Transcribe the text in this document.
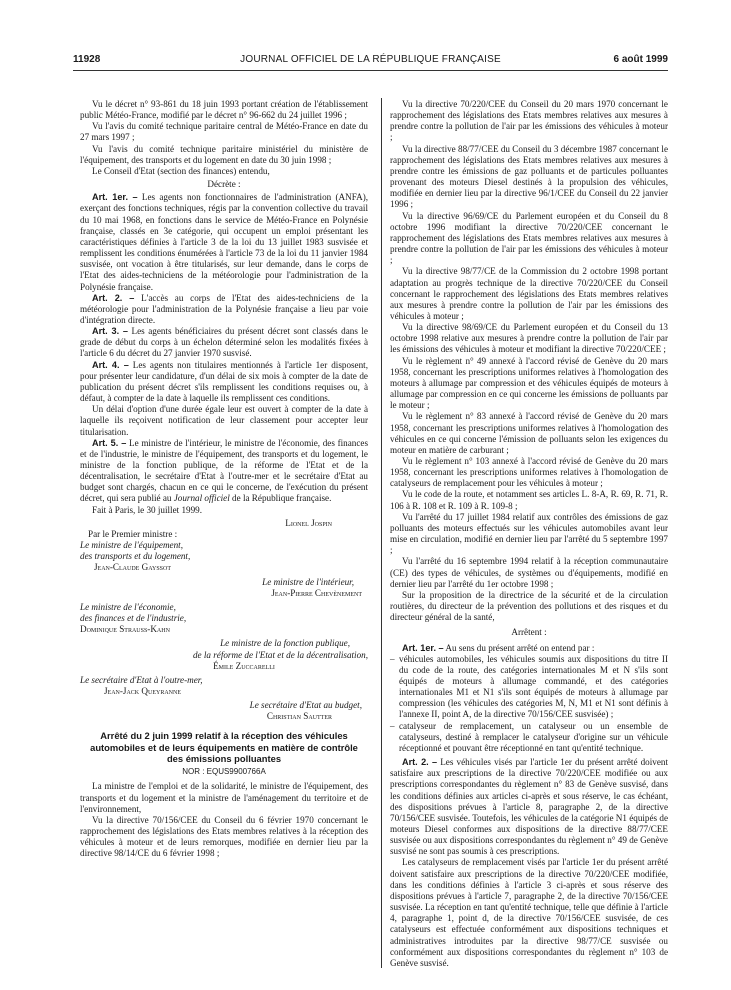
11928	JOURNAL OFFICIEL DE LA RÉPUBLIQUE FRANÇAISE	6 août 1999

Vu le décret n° 93-861 du 18 juin 1993 portant création de l'établissement public Météo-France, modifié par le décret n° 96-662 du 24 juillet 1996 ;

Vu l'avis du comité technique paritaire central de Météo-France en date du 27 mars 1997 ;

Vu l'avis du comité technique paritaire ministériel du ministère de l'équipement, des transports et du logement en date du 30 juin 1998 ;

Le Conseil d'Etat (section des finances) entendu,

Décrète :

Art. 1er. – Les agents non fonctionnaires de l'administration (ANFA), exerçant des fonctions techniques, régis par la convention collective du travail du 10 mai 1968, en fonctions dans le service de Météo-France en Polynésie française, classés en 3e catégorie, qui occupent un emploi présentant les caractéristiques définies à l'article 3 de la loi du 13 juillet 1983 susvisée et remplissent les conditions énumérées à l'article 73 de la loi du 11 janvier 1984 susvisée, ont vocation à être titularisés, sur leur demande, dans le corps de l'Etat des aides-techniciens de la météorologie pour l'administration de la Polynésie française.

Art. 2. – L'accès au corps de l'Etat des aides-techniciens de la météorologie pour l'administration de la Polynésie française a lieu par voie d'intégration directe.

Art. 3. – Les agents bénéficiaires du présent décret sont classés dans le grade de début du corps à un échelon déterminé selon les modalités fixées à l'article 6 du décret du 27 janvier 1970 susvisé.

Art. 4. – Les agents non titulaires mentionnés à l'article 1er disposent, pour présenter leur candidature, d'un délai de six mois à compter de la date de publication du présent décret s'ils remplissent les conditions requises ou, à défaut, à compter de la date à laquelle ils remplissent ces conditions.

Un délai d'option d'une durée égale leur est ouvert à compter de la date à laquelle ils reçoivent notification de leur classement pour accepter leur titularisation.

Art. 5. – Le ministre de l'intérieur, le ministre de l'économie, des finances et de l'industrie, le ministre de l'équipement, des transports et du logement, le ministre de la fonction publique, de la réforme de l'Etat et de la décentralisation, le secrétaire d'Etat à l'outre-mer et le secrétaire d'Etat au budget sont chargés, chacun en ce qui le concerne, de l'exécution du présent décret, qui sera publié au Journal officiel de la République française.

Fait à Paris, le 30 juillet 1999.

Lionel Jospin
Par le Premier ministre :
Le ministre de l'équipement,
des transports et du logement,
Jean-Claude Gayssot
Le ministre de l'intérieur,
Jean-Pierre Chevènement
Le ministre de l'économie,
des finances et de l'industrie,
Dominique Strauss-Kahn
Le ministre de la fonction publique,
de la réforme de l'Etat et de la décentralisation,
Émile Zuccarelli
Le secrétaire d'Etat à l'outre-mer,
Jean-Jack Queyranne
Le secrétaire d'Etat au budget,
Christian Sautter
Arrêté du 2 juin 1999 relatif à la réception des véhicules automobiles et de leurs équipements en matière de contrôle des émissions polluantes
NOR : EQUS9900766A

La ministre de l'emploi et de la solidarité, le ministre de l'équipement, des transports et du logement et la ministre de l'aménagement du territoire et de l'environnement,

Vu la directive 70/156/CEE du Conseil du 6 février 1970 concernant le rapprochement des législations des Etats membres relatives à la réception des véhicules à moteur et de leurs remorques, modifiée en dernier lieu par la directive 98/14/CE du 6 février 1998 ;

Vu la directive 70/220/CEE du Conseil du 20 mars 1970 concernant le rapprochement des législations des Etats membres relatives aux mesures à prendre contre la pollution de l'air par les émissions des véhicules à moteur ;

Vu la directive 88/77/CEE du Conseil du 3 décembre 1987 concernant le rapprochement des législations des Etats membres relatives aux mesures à prendre contre les émissions de gaz polluants et de particules polluantes provenant des moteurs Diesel destinés à la propulsion des véhicules, modifiée en dernier lieu par la directive 96/1/CEE du Conseil du 22 janvier 1996 ;

Vu la directive 96/69/CE du Parlement européen et du Conseil du 8 octobre 1996 modifiant la directive 70/220/CEE concernant le rapprochement des législations des Etats membres relatives aux mesures à prendre contre la pollution de l'air par les émissions des véhicules à moteur ;

Vu la directive 98/77/CE de la Commission du 2 octobre 1998 portant adaptation au progrès technique de la directive 70/220/CEE du Conseil concernant le rapprochement des législations des Etats membres relatives aux mesures à prendre contre la pollution de l'air par les émissions des véhicules à moteur ;

Vu la directive 98/69/CE du Parlement européen et du Conseil du 13 octobre 1998 relative aux mesures à prendre contre la pollution de l'air par les émissions des véhicules à moteur et modifiant la directive 70/220/CEE ;

Vu le règlement n° 49 annexé à l'accord révisé de Genève du 20 mars 1958, concernant les prescriptions uniformes relatives à l'homologation des moteurs à allumage par compression et des véhicules équipés de moteurs à allumage par compression en ce qui concerne les émissions de polluants par le moteur ;

Vu le règlement n° 83 annexé à l'accord révisé de Genève du 20 mars 1958, concernant les prescriptions uniformes relatives à l'homologation des véhicules en ce qui concerne l'émission de polluants selon les exigences du moteur en matière de carburant ;

Vu le règlement n° 103 annexé à l'accord révisé de Genève du 20 mars 1958, concernant les prescriptions uniformes relatives à l'homologation de catalyseurs de remplacement pour les véhicules à moteur ;

Vu le code de la route, et notamment ses articles L. 8-A, R. 69, R. 71, R. 106 à R. 108 et R. 109 à R. 109-8 ;

Vu l'arrêté du 17 juillet 1984 relatif aux contrôles des émissions de gaz polluants des moteurs effectués sur les véhicules automobiles avant leur mise en circulation, modifié en dernier lieu par l'arrêté du 5 septembre 1997 ;

Vu l'arrêté du 16 septembre 1994 relatif à la réception communautaire (CE) des types de véhicules, de systèmes ou d'équipements, modifié en dernier lieu par l'arrêté du 1er octobre 1998 ;

Sur la proposition de la directrice de la sécurité et de la circulation routières, du directeur de la prévention des pollutions et des risques et du directeur général de la santé,

Arrêtent :

Art. 1er. – Au sens du présent arrêté on entend par :

– véhicules automobiles, les véhicules soumis aux dispositions du titre II du code de la route, des catégories internationales M et N s'ils sont équipés de moteurs à allumage commandé, et des catégories internationales M1 et N1 s'ils sont équipés de moteurs à allumage par compression (les véhicules des catégories M, N, M1 et N1 sont définis à l'annexe II, point A, de la directive 70/156/CEE susvisée) ;
– catalyseur de remplacement, un catalyseur ou un ensemble de catalyseurs, destiné à remplacer le catalyseur d'origine sur un véhicule réceptionné et pouvant être réceptionné en tant qu'entité technique.

Art. 2. – Les véhicules visés par l'article 1er du présent arrêté doivent satisfaire aux prescriptions de la directive 70/220/CEE modifiée ou aux prescriptions correspondantes du règlement n° 83 de Genève susvisé, dans les conditions définies aux articles ci-après et sous réserve, le cas échéant, des dispositions prévues à l'article 8, paragraphe 2, de la directive 70/156/CEE susvisée. Toutefois, les véhicules de la catégorie N1 équipés de moteurs Diesel conformes aux dispositions de la directive 88/77/CEE susvisée ou aux dispositions correspondantes du règlement n° 49 de Genève susvisé ne sont pas soumis à ces prescriptions.

Les catalyseurs de remplacement visés par l'article 1er du présent arrêté doivent satisfaire aux prescriptions de la directive 70/220/CEE modifiée, dans les conditions définies à l'article 3 ci-après et sous réserve des dispositions prévues à l'article 7, paragraphe 2, de la directive 70/156/CEE susvisée. La réception en tant qu'entité technique, telle que définie à l'article 4, paragraphe 1, point d, de la directive 70/156/CEE susvisée, de ces catalyseurs est effectuée conformément aux dispositions techniques et administratives introduites par la directive 98/77/CE susvisée ou conformément aux dispositions correspondantes du règlement n° 103 de Genève susvisé.
